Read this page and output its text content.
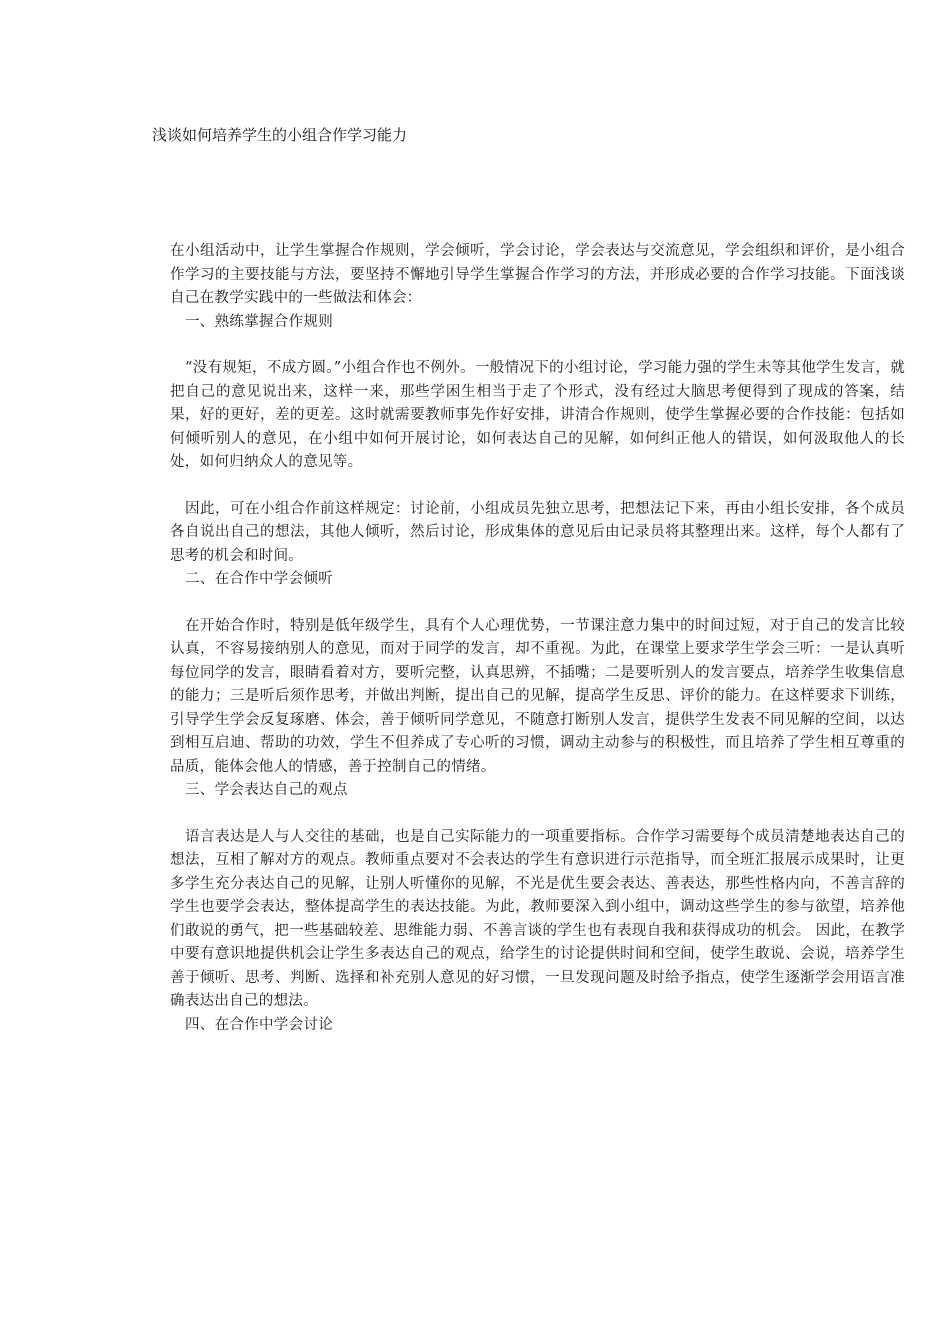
浅谈如何培养学生的小组合作学习能力

在小组活动中，让学生掌握合作规则，学会倾听，学会讨论，学会表达与交流意见，学会组织和评价，是小组合作学习的主要技能与方法，要坚持不懈地引导学生掌握合作学习的方法，并形成必要的合作学习技能。下面浅谈自己在教学实践中的一些做法和体会：

一、熟练掌握合作规则

“没有规矩，不成方圆。”小组合作也不例外。一般情况下的小组讨论，学习能力强的学生未等其他学生发言，就把自己的意见说出来，这样一来，那些学困生相当于走了个形式，没有经过大脑思考便得到了现成的答案，结果，好的更好，差的更差。这时就需要教师事先作好安排，讲清合作规则，使学生掌握必要的合作技能：包括如何倾听别人的意见，在小组中如何开展讨论，如何表达自己的见解，如何纠正他人的错误，如何汲取他人的长处，如何归纳众人的意见等。

因此，可在小组合作前这样规定：讨论前，小组成员先独立思考，把想法记下来，再由小组长安排，各个成员各自说出自己的想法，其他人倾听，然后讨论，形成集体的意见后由记录员将其整理出来。这样，每个人都有了思考的机会和时间。

二、在合作中学会倾听

在开始合作时，特别是低年级学生，具有个人心理优势，一节课注意力集中的时间过短，对于自己的发言比较认真，不容易接纳别人的意见，而对于同学的发言，却不重视。为此，在课堂上要求学生学会三听：一是认真听每位同学的发言，眼睛看着对方，要听完整，认真思辨，不插嘴；二是要听别人的发言要点，培养学生收集信息的能力；三是听后须作思考，并做出判断，提出自己的见解，提高学生反思、评价的能力。在这样要求下训练，引导学生学会反复琢磨、体会，善于倾听同学意见，不随意打断别人发言，提供学生发表不同见解的空间，以达到相互启迪、帮助的功效，学生不但养成了专心听的习惯，调动主动参与的积极性，而且培养了学生相互尊重的品质，能体会他人的情感，善于控制自己的情绪。

三、学会表达自己的观点

语言表达是人与人交往的基础，也是自己实际能力的一项重要指标。合作学习需要每个成员清楚地表达自己的想法，互相了解对方的观点。教师重点要对不会表达的学生有意识进行示范指导，而全班汇报展示成果时，让更多学生充分表达自己的见解，让别人听懂你的见解，不光是优生要会表达、善表达，那些性格内向，不善言辞的学生也要学会表达，整体提高学生的表达技能。为此，教师要深入到小组中，调动这些学生的参与欲望，培养他们敢说的勇气，把一些基础较差、思维能力弱、不善言谈的学生也有表现自我和获得成功的机会。 因此，在教学中要有意识地提供机会让学生多表达自己的观点，给学生的讨论提供时间和空间，使学生敢说、会说，培养学生善于倾听、思考、判断、选择和补充别人意见的好习惯，一旦发现问题及时给予指点，使学生逐渐学会用语言准确表达出自己的想法。

四、在合作中学会讨论
